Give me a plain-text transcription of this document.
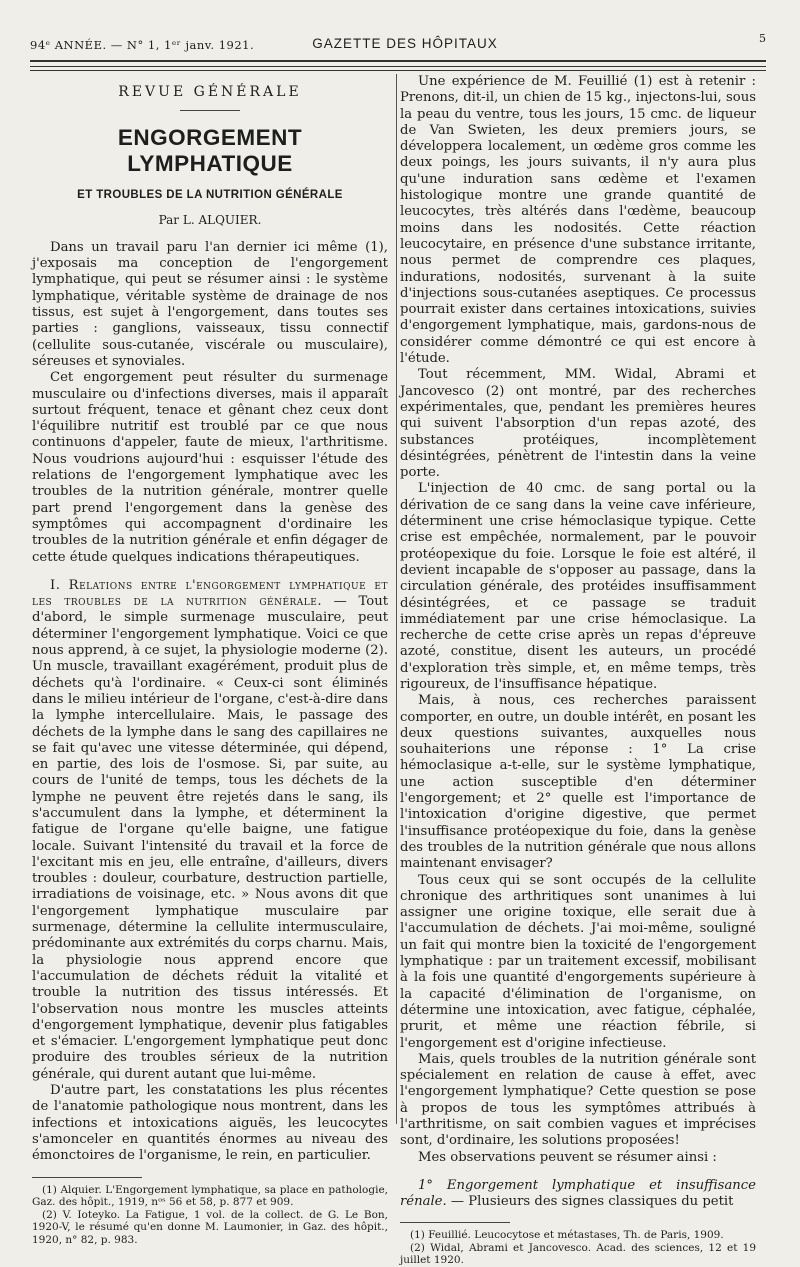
94ᵉ ANNÉE. — N° 1, 1ᵉʳ janv. 1921.	GAZETTE DES HÔPITAUX	5
REVUE GÉNÉRALE
ENGORGEMENT LYMPHATIQUE
ET TROUBLES DE LA NUTRITION GÉNÉRALE
Par L. ALQUIER.

Dans un travail paru l'an dernier ici même (1), j'exposais ma conception de l'engorgement lymphatique, qui peut se résumer ainsi : le système lymphatique, véritable système de drainage de nos tissus, est sujet à l'engorgement, dans toutes ses parties : ganglions, vaisseaux, tissu connectif (cellulite sous-cutanée, viscérale ou musculaire), séreuses et synoviales.

Cet engorgement peut résulter du surmenage musculaire ou d'infections diverses, mais il apparaît surtout fréquent, tenace et gênant chez ceux dont l'équilibre nutritif est troublé par ce que nous continuons d'appeler, faute de mieux, l'arthritisme. Nous voudrions aujourd'hui : esquisser l'étude des relations de l'engorgement lymphatique avec les troubles de la nutrition générale, montrer quelle part prend l'engorgement dans la genèse des symptômes qui accompagnent d'ordinaire les troubles de la nutrition générale et enfin dégager de cette étude quelques indications thérapeutiques.

I. Relations entre l'engorgement lymphatique et les troubles de la nutrition générale. — Tout d'abord, le simple surmenage musculaire, peut déterminer l'engorgement lymphatique. Voici ce que nous apprend, à ce sujet, la physiologie moderne (2). Un muscle, travaillant exagérément, produit plus de déchets qu'à l'ordinaire. « Ceux-ci sont éliminés dans le milieu intérieur de l'organe, c'est-à-dire dans la lymphe intercellulaire. Mais, le passage des déchets de la lymphe dans le sang des capillaires ne se fait qu'avec une vitesse déterminée, qui dépend, en partie, des lois de l'osmose. Si, par suite, au cours de l'unité de temps, tous les déchets de la lymphe ne peuvent être rejetés dans le sang, ils s'accumulent dans la lymphe, et déterminent la fatigue de l'organe qu'elle baigne, une fatigue locale. Suivant l'intensité du travail et la force de l'excitant mis en jeu, elle entraîne, d'ailleurs, divers troubles : douleur, courbature, destruction partielle, irradiations de voisinage, etc. » Nous avons dit que l'engorgement lymphatique musculaire par surmenage, détermine la cellulite intermusculaire, prédominante aux extrémités du corps charnu. Mais, la physiologie nous apprend encore que l'accumulation de déchets réduit la vitalité et trouble la nutrition des tissus intéressés. Et l'observation nous montre les muscles atteints d'engorgement lymphatique, devenir plus fatigables et s'émacier. L'engorgement lymphatique peut donc produire des troubles sérieux de la nutrition générale, qui durent autant que lui-même.

D'autre part, les constatations les plus récentes de l'anatomie pathologique nous montrent, dans les infections et intoxications aiguës, les leucocytes s'amonceler en quantités énormes au niveau des émonctoires de l'organisme, le rein, en particulier.

(1) Alquier. L'Engorgement lymphatique, sa place en pathologie, Gaz. des hôpit., 1919, nᵒˢ 56 et 58, p. 877 et 909.
(2) V. Ioteyko. La Fatigue, 1 vol. de la collect. de G. Le Bon, 1920-V, le résumé qu'en donne M. Laumonier, in Gaz. des hôpit., 1920, n° 82, p. 983.

Une expérience de M. Feuillié (1) est à retenir : Prenons, dit-il, un chien de 15 kg., injectons-lui, sous la peau du ventre, tous les jours, 15 cmc. de liqueur de Van Swieten, les deux premiers jours, se développera localement, un œdème gros comme les deux poings, les jours suivants, il n'y aura plus qu'une induration sans œdème et l'examen histologique montre une grande quantité de leucocytes, très altérés dans l'œdème, beaucoup moins dans les nodosités. Cette réaction leucocytaire, en présence d'une substance irritante, nous permet de comprendre ces plaques, indurations, nodosités, survenant à la suite d'injections sous-cutanées aseptiques. Ce processus pourrait exister dans certaines intoxications, suivies d'engorgement lymphatique, mais, gardons-nous de considérer comme démontré ce qui est encore à l'étude.

Tout récemment, MM. Widal, Abrami et Jancovesco (2) ont montré, par des recherches expérimentales, que, pendant les premières heures qui suivent l'absorption d'un repas azoté, des substances protéiques, incomplètement désintégrées, pénètrent de l'intestin dans la veine porte.

L'injection de 40 cmc. de sang portal ou la dérivation de ce sang dans la veine cave inférieure, déterminent une crise hémoclasique typique. Cette crise est empêchée, normalement, par le pouvoir protéopexique du foie. Lorsque le foie est altéré, il devient incapable de s'opposer au passage, dans la circulation générale, des protéides insuffisamment désintégrées, et ce passage se traduit immédiatement par une crise hémoclasique. La recherche de cette crise après un repas d'épreuve azoté, constitue, disent les auteurs, un procédé d'exploration très simple, et, en même temps, très rigoureux, de l'insuffisance hépatique.

Mais, à nous, ces recherches paraissent comporter, en outre, un double intérêt, en posant les deux questions suivantes, auxquelles nous souhaiterions une réponse : 1° La crise hémoclasique a-t-elle, sur le système lymphatique, une action susceptible d'en déterminer l'engorgement; et 2° quelle est l'importance de l'intoxication d'origine digestive, que permet l'insuffisance protéopexique du foie, dans la genèse des troubles de la nutrition générale que nous allons maintenant envisager?

Tous ceux qui se sont occupés de la cellulite chronique des arthritiques sont unanimes à lui assigner une origine toxique, elle serait due à l'accumulation de déchets. J'ai moi-même, souligné un fait qui montre bien la toxicité de l'engorgement lymphatique : par un traitement excessif, mobilisant à la fois une quantité d'engorgements supérieure à la capacité d'élimination de l'organisme, on détermine une intoxication, avec fatigue, céphalée, prurit, et même une réaction fébrile, si l'engorgement est d'origine infectieuse.

Mais, quels troubles de la nutrition générale sont spécialement en relation de cause à effet, avec l'engorgement lymphatique? Cette question se pose à propos de tous les symptômes attribués à l'arthritisme, on sait combien vagues et imprécises sont, d'ordinaire, les solutions proposées!

Mes observations peuvent se résumer ainsi :

1° Engorgement lymphatique et insuffisance rénale. — Plusieurs des signes classiques du petit

(1) Feuillié. Leucocytose et métastases, Th. de Paris, 1909.
(2) Widal, Abrami et Jancovesco. Acad. des sciences, 12 et 19 juillet 1920.
